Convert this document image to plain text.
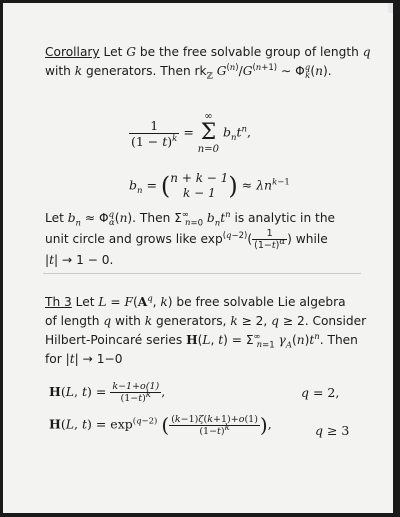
Corollary Let G be the free solvable group of length q
with k generators. Then $rk_ℤ$ $G^{(n)}/G^{(n+1)}$ ∼ $\Phi^q_k(n)$.
$\frac{1}{(1 - t)^k}$ = ∞
Σ
n=0 $b_nt^n$,
$b_n$ = ( n + k − 1
k − 1 ) ≈ $\lambda n^{k-1}$
Let $b_n \approx \Phi^q_\alpha(n)$. Then $\Sigma^\infty_{n=0}$ $b_nt^n$ is analytic in the
unit circle and grows like $\exp^{(q-2)}( \frac{1}{(1-t)^\alpha}$ ) while
|t| → 1 − 0.
Th 3 Let $L = F(A^q$, k) be free solvable Lie algebra
of length q with k generators, k ≥ 2, q ≥ 2. Consider
Hilbert-Poincaré series H(L, $t) = \Sigma^\infty_{n=1}$ $\gamma_A(n)t^n$. Then
for |t| → 1−0
H(L, $t) = \frac{k-1+o(1)}{(1-t)^k}$ ,	q = 2,
H(L, $t) = \exp^{(q-2)}$ ( $\frac{(k-1)\zeta(k+1)+o(1)}{(1-t)^k}$ ),	q ≥ 3
